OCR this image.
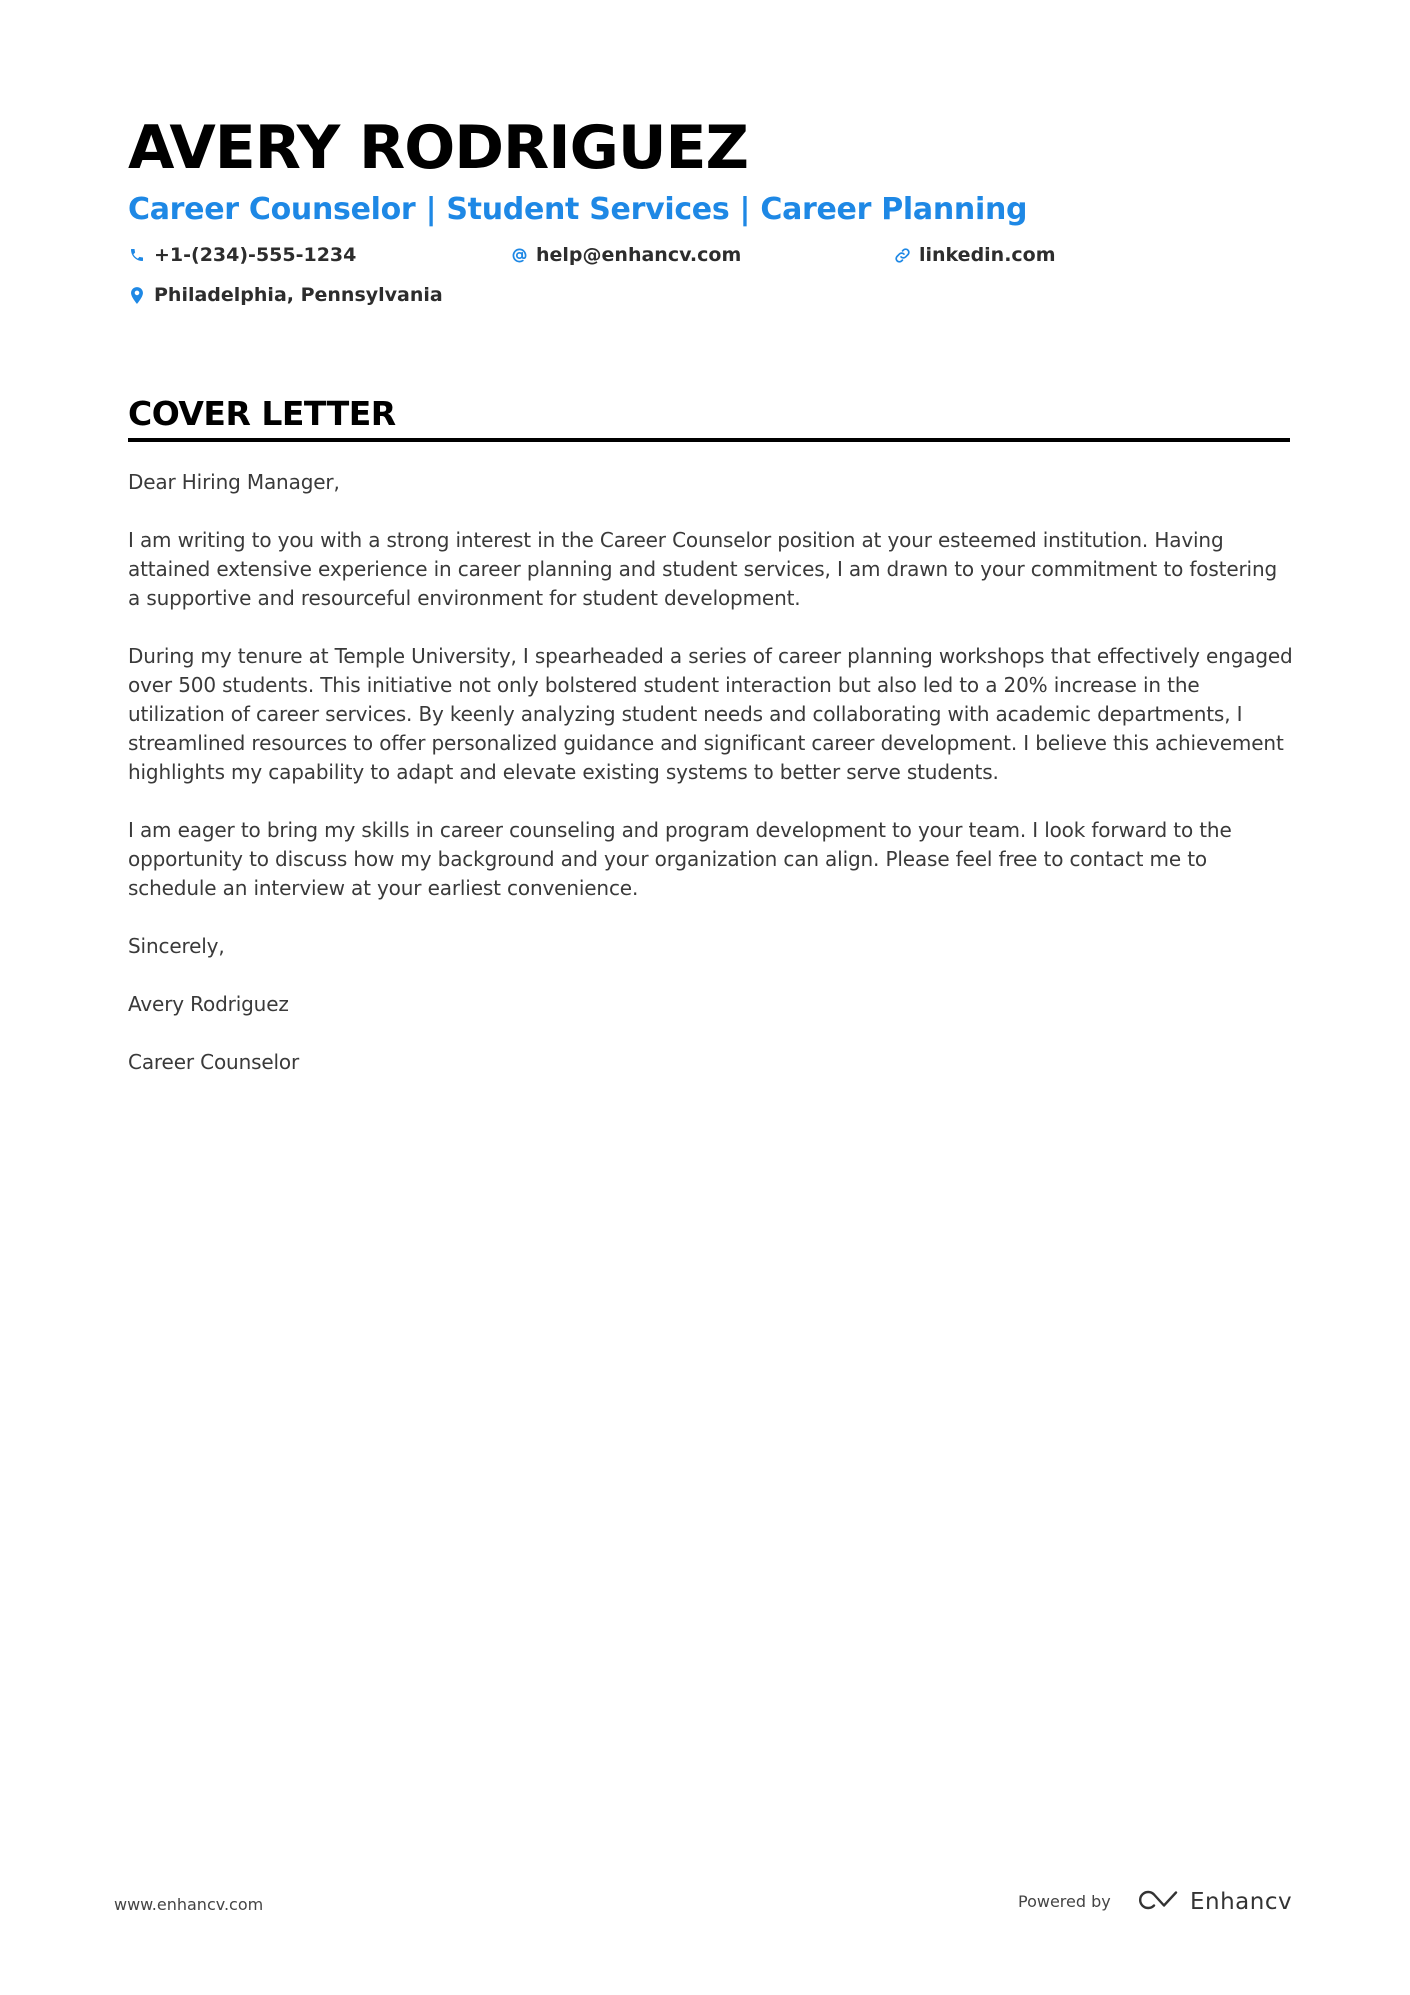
AVERY RODRIGUEZ
Career Counselor | Student Services | Career Planning
+1-(234)-555-1234	help@enhancv.com	linkedin.com
Philadelphia, Pennsylvania
COVER LETTER

Dear Hiring Manager,

I am writing to you with a strong interest in the Career Counselor position at your esteemed institution. Having attained extensive experience in career planning and student services, I am drawn to your commitment to fostering a supportive and resourceful environment for student development.

During my tenure at Temple University, I spearheaded a series of career planning workshops that effectively engaged over 500 students. This initiative not only bolstered student interaction but also led to a 20% increase in the utilization of career services. By keenly analyzing student needs and collaborating with academic departments, I streamlined resources to offer personalized guidance and significant career development. I believe this achievement highlights my capability to adapt and elevate existing systems to better serve students.

I am eager to bring my skills in career counseling and program development to your team. I look forward to the opportunity to discuss how my background and your organization can align. Please feel free to contact me to schedule an interview at your earliest convenience.

Sincerely,

Avery Rodriguez

Career Counselor

www.enhancv.com	Powered by	Enhancv
